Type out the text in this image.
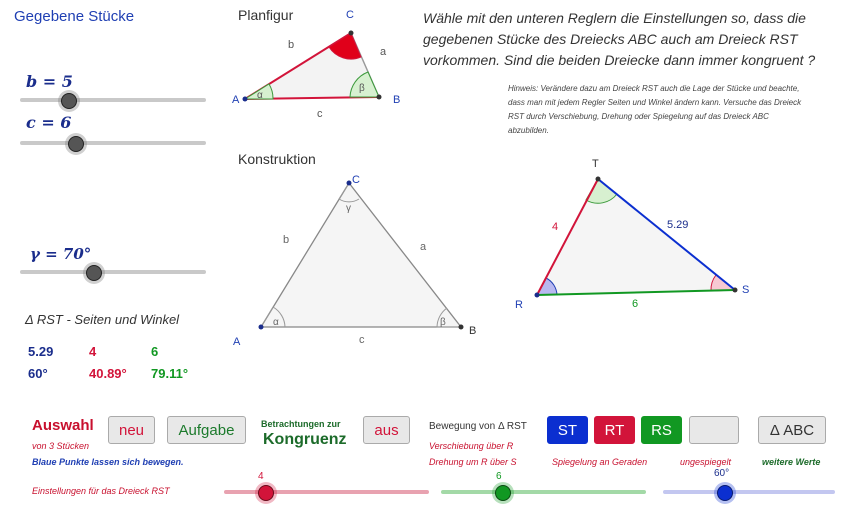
Gegebene Stücke
b = 5
c = 6
γ = 70°
Δ RST - Seiten und Winkel
5.29	4	6
60°	40.89° 79.11°
Planfigur
A
C
B
b
a
c
α
β
Konstruktion
C
A
B
b
a
c
γ
α	β
Wähle mit den unteren Reglern die Einstellungen so, dass die gegebenen Stücke des Dreiecks ABC auch am Dreieck RST vorkommen. Sind die beiden Dreiecke dann immer kongruent ?
Hinweis: Verändere dazu am Dreieck RST auch die Lage der Stücke und beachte, dass man mit jedem Regler Seiten und Winkel ändern kann. Versuche das Dreieck RST durch Verschiebung, Drehung oder Spiegelung auf das Dreieck ABC abzubilden.
T
R
S
4	5.29
6
Auswahl
von 3 Stücken
neu	Aufgabe	Betrachtungen zur
Kongruenz
aus	Bewegung von Δ RST	ST	RT	RS	Δ ABC
Blaue Punkte lassen sich bewegen.
Verschiebung über R
Drehung um R über S	Spiegelung an Geraden	ungespiegelt	weitere Werte
Einstellungen für das Dreieck RST
4	6	60°
